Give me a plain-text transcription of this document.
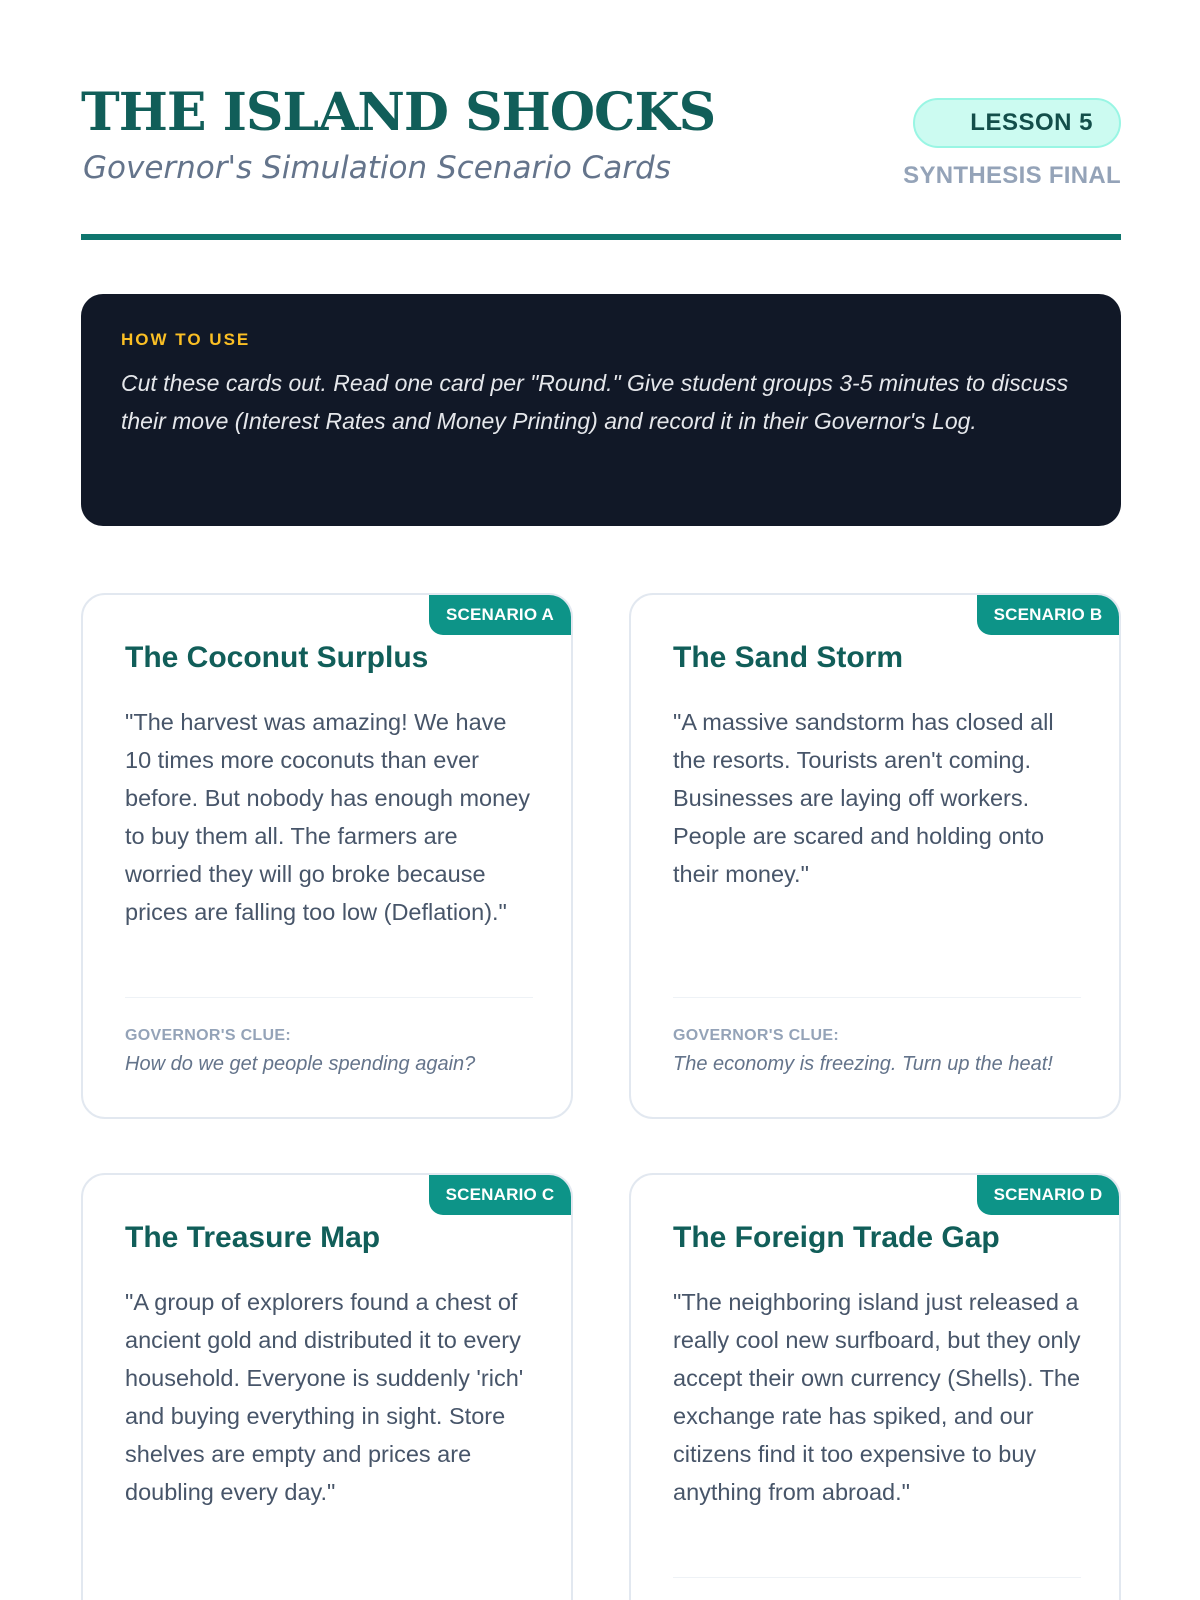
THE ISLAND SHOCKS
Governor's Simulation Scenario Cards
LESSON 5
SYNTHESIS FINAL
HOW TO USE
Cut these cards out. Read one card per "Round." Give student groups 3-5 minutes to discuss their move (Interest Rates and Money Printing) and record it in their Governor's Log.
SCENARIO A
The Coconut Surplus
"The harvest was amazing! We have 10 times more coconuts than ever before. But nobody has enough money to buy them all. The farmers are worried they will go broke because prices are falling too low (Deflation)."
GOVERNOR'S CLUE:
How do we get people spending again?
SCENARIO B
The Sand Storm
"A massive sandstorm has closed all the resorts. Tourists aren't coming. Businesses are laying off workers. People are scared and holding onto their money."
GOVERNOR'S CLUE:
The economy is freezing. Turn up the heat!
SCENARIO C
The Treasure Map
"A group of explorers found a chest of ancient gold and distributed it to every household. Everyone is suddenly 'rich' and buying everything in sight. Store shelves are empty and prices are doubling every day."
SCENARIO D
The Foreign Trade Gap
"The neighboring island just released a really cool new surfboard, but they only accept their own currency (Shells). The exchange rate has spiked, and our citizens find it too expensive to buy anything from abroad."
